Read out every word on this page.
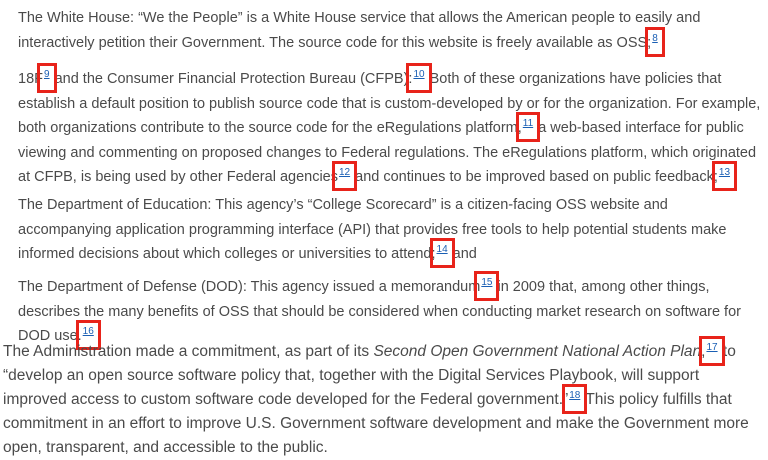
The White House: “We the People” is a White House service that allows the American people to easily and interactively petition their Government. The source code for this website is freely available as OSS;8

18F9 and the Consumer Financial Protection Bureau (CFPB):10 Both of these organizations have policies that establish a default position to publish source code that is custom-developed by or for the organization. For example, both organizations contribute to the source code for the eRegulations platform,11 a web-based interface for public viewing and commenting on proposed changes to Federal regulations. The eRegulations platform, which originated at CFPB, is being used by other Federal agencies12 and continues to be improved based on public feedback;13

The Department of Education: This agency’s “College Scorecard” is a citizen-facing OSS website and accompanying application programming interface (API) that provides free tools to help potential students make informed decisions about which colleges or universities to attend;14 and

The Department of Defense (DOD): This agency issued a memorandum15 in 2009 that, among other things, describes the many benefits of OSS that should be considered when conducting market research on software for DOD use.16

The Administration made a commitment, as part of its Second Open Government National Action Plan,17 to “develop an open source software policy that, together with the Digital Services Playbook, will support improved access to custom software code developed for the Federal government.”18 This policy fulfills that commitment in an effort to improve U.S. Government software development and make the Government more open, transparent, and accessible to the public.
